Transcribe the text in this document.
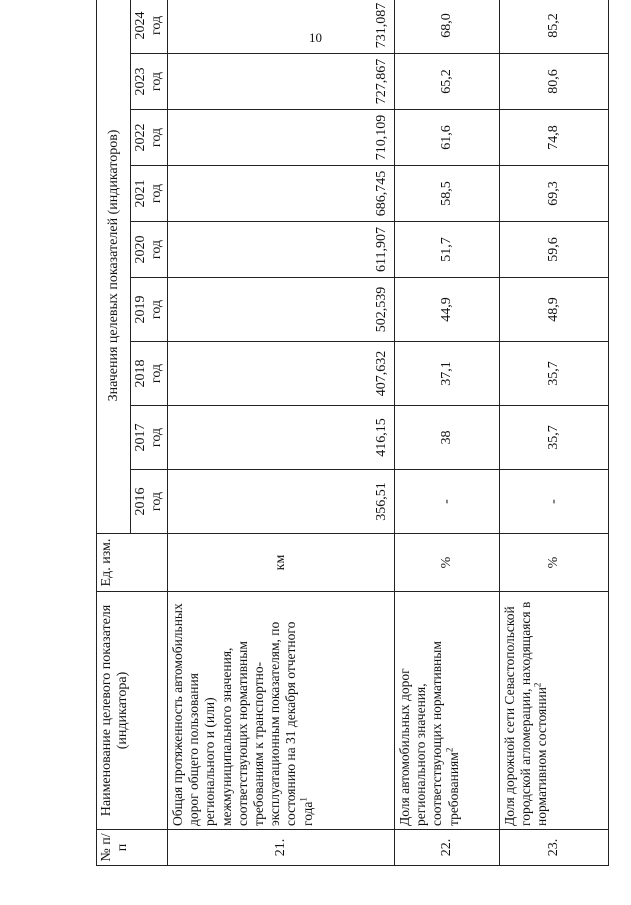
10
№ п/п	Наименование целевого показателя (индикатора)	Ед. изм.	Значения целевых показателей (индикаторов)								

			2016 год	2017 год	2018 год	2019 год	2020 год	2021 год	2022 год	2023 год	2024 год

21.	Общая протяженность автомобильных дорог общего пользования регионального и (или) межмуниципального значения, соответствующих нормативным требованиям к транспортно-эксплуатационным показателям, по состоянию на 31 декабря отчетного года$^1$	км	356,51	416,15	407,632	502,539	611,907	686,745	710,109	727,867	731,087
22.	Доля автомобильных дорог регионального значения, соответствующих нормативным требованиям$^2$	%	-	38	37,1	44,9	51,7	58,5	61,6	65,2	68,0
23.	Доля дорожной сети Севастопольской городской агломерации, находящаяся в нормативном состоянии$^2$	%	-	35,7	35,7	48,9	59,6	69,3	74,8	80,6	85,2
